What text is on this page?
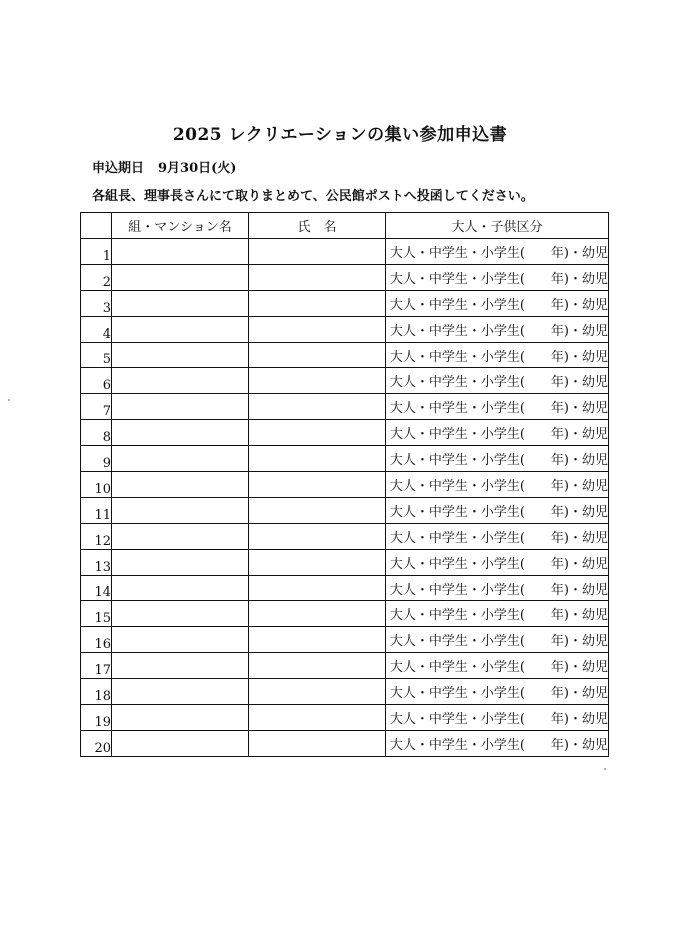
2025 レクリエーションの集い参加申込書
申込期日 9月30日(火)
各組長、理事長さんにて取りまとめて、公民館ポストへ投函してください。
	組・マンション名	氏　名	大人・子供区分
1			大人・中学生・小学生( 年)・幼児
2			大人・中学生・小学生( 年)・幼児
3			大人・中学生・小学生( 年)・幼児
4			大人・中学生・小学生( 年)・幼児
5			大人・中学生・小学生( 年)・幼児
6			大人・中学生・小学生( 年)・幼児
7			大人・中学生・小学生( 年)・幼児
8			大人・中学生・小学生( 年)・幼児
9			大人・中学生・小学生( 年)・幼児
10			大人・中学生・小学生( 年)・幼児
11			大人・中学生・小学生( 年)・幼児
12			大人・中学生・小学生( 年)・幼児
13			大人・中学生・小学生( 年)・幼児
14			大人・中学生・小学生( 年)・幼児
15			大人・中学生・小学生( 年)・幼児
16			大人・中学生・小学生( 年)・幼児
17			大人・中学生・小学生( 年)・幼児
18			大人・中学生・小学生( 年)・幼児
19			大人・中学生・小学生( 年)・幼児
20			大人・中学生・小学生( 年)・幼児
